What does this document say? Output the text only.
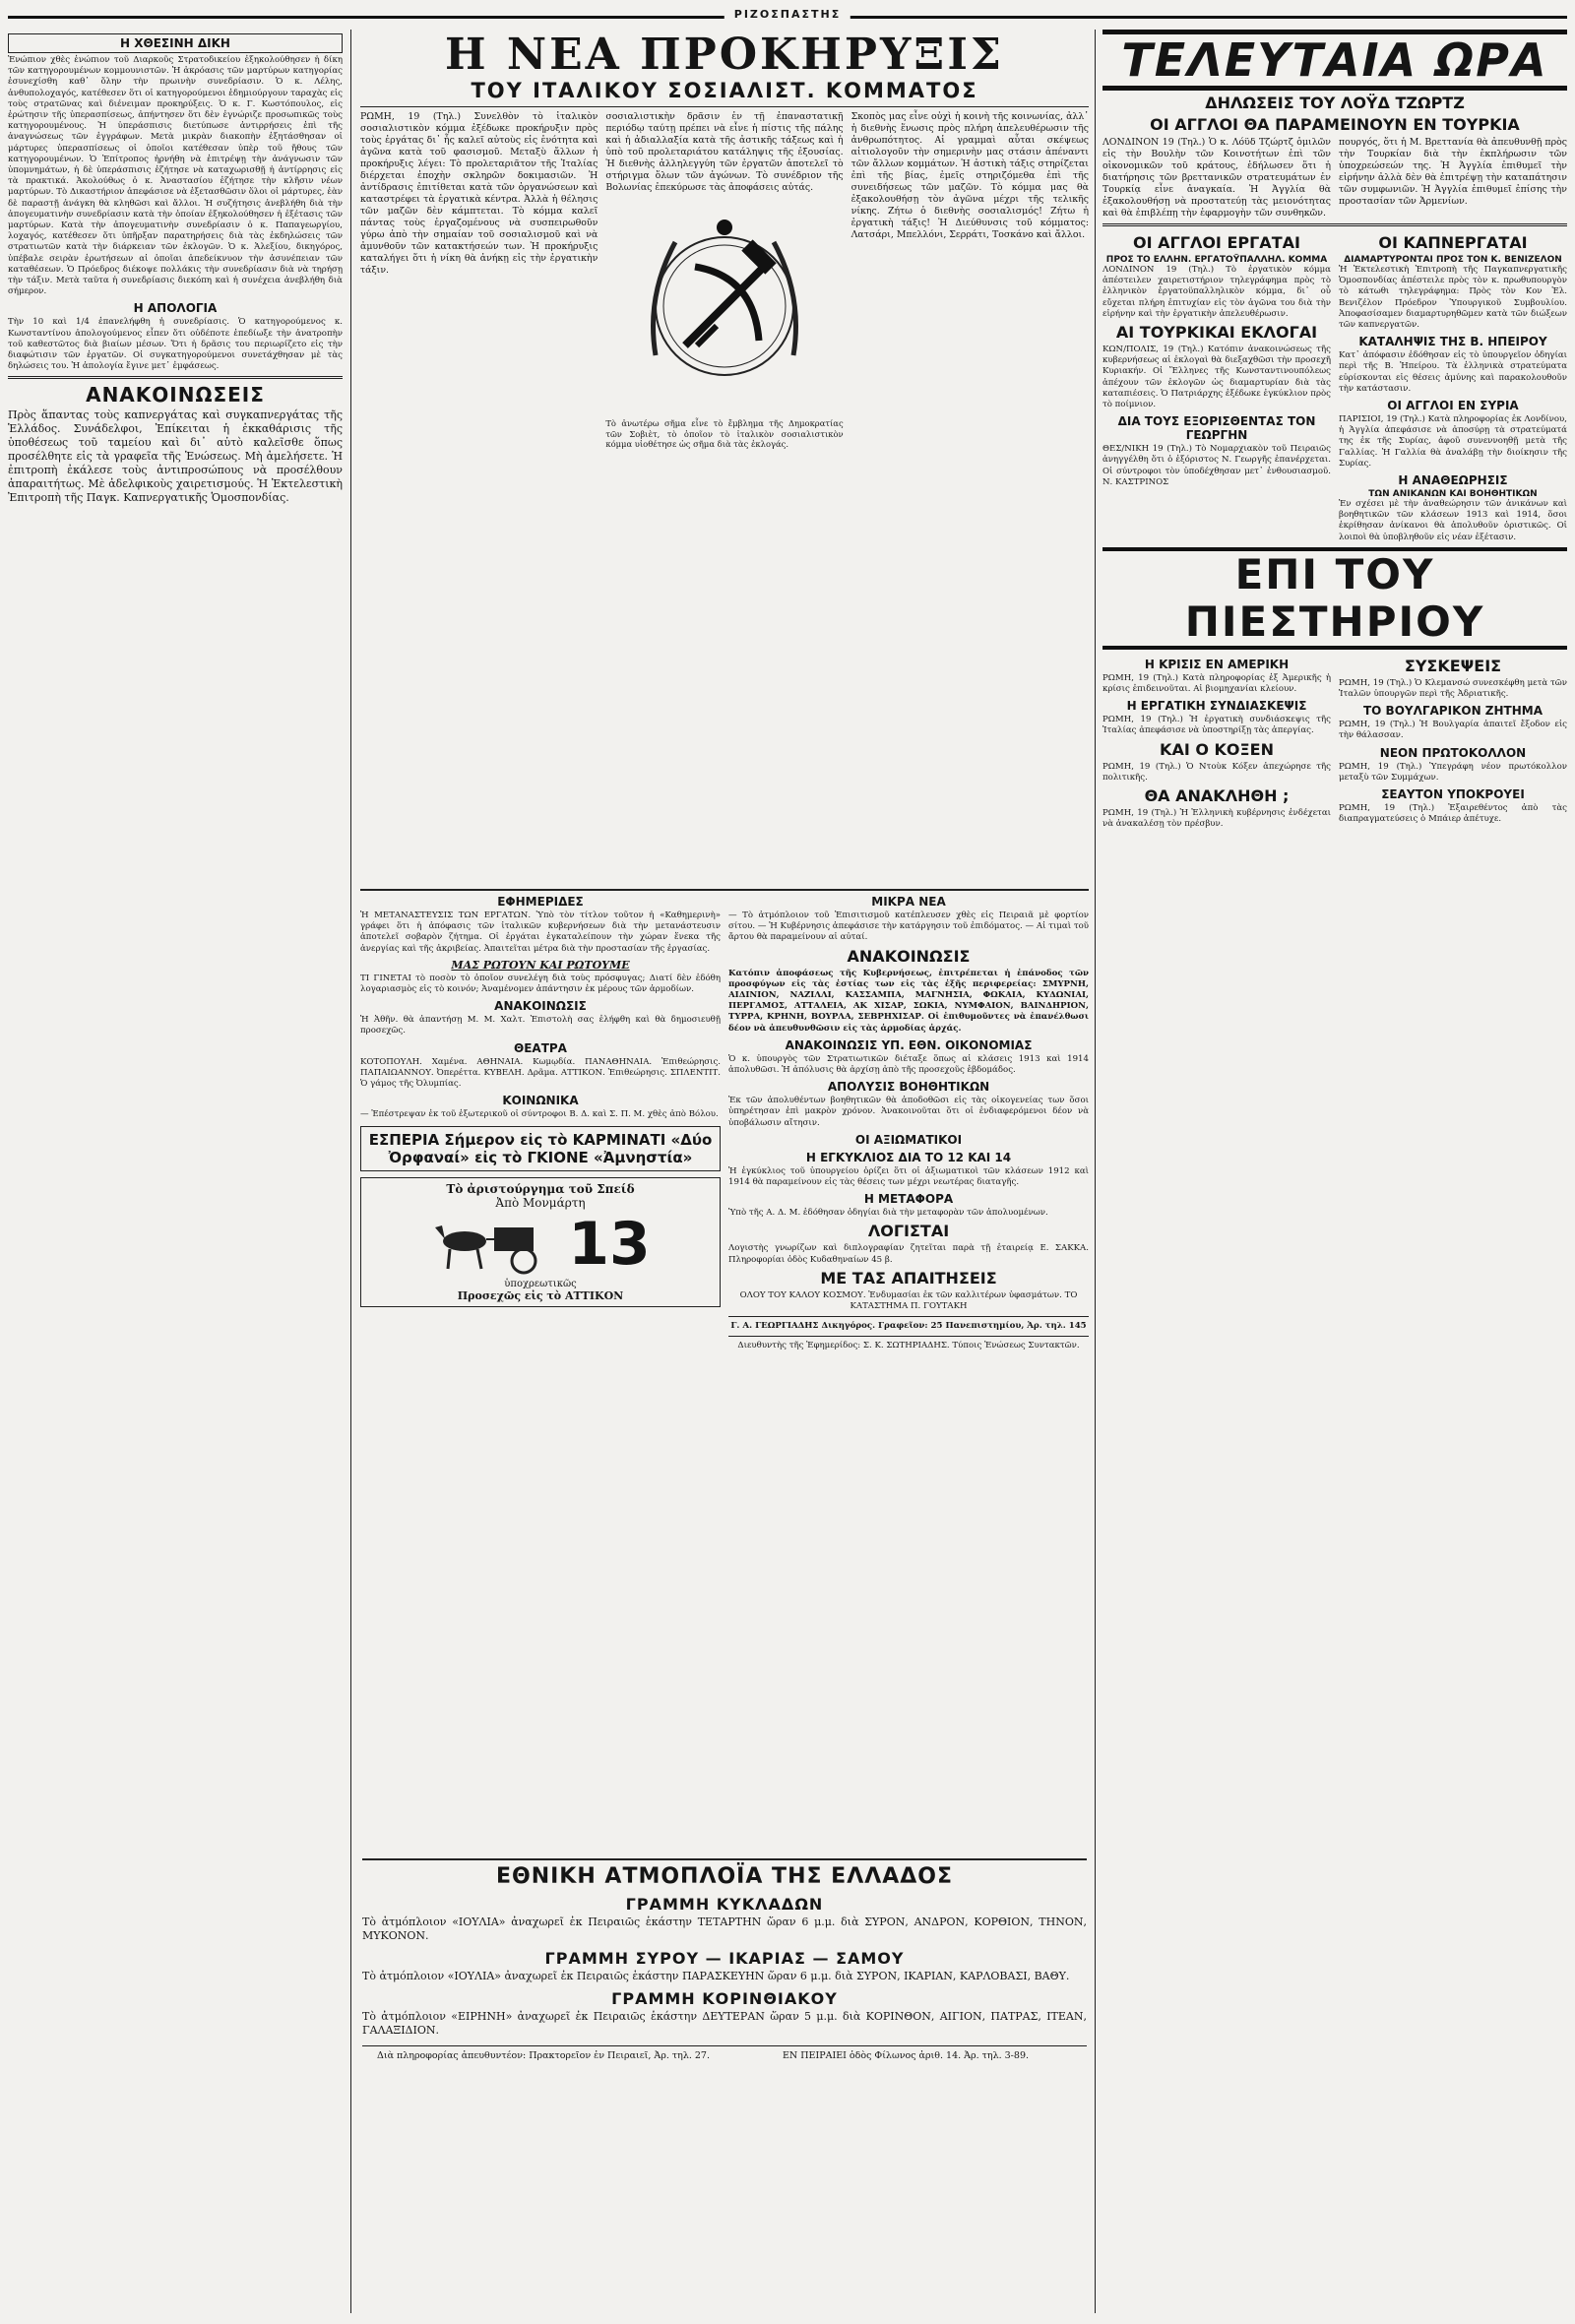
ΡΙΖΟΣΠΑΣΤΗΣ
Η ΧΘΕΣΙΝΗ ΔΙΚΗ
Ἐνώπιον χθὲς ἐνώπιον τοῦ Διαρκοῦς Στρατοδικείου ἐξηκολούθησεν ἡ δίκη τῶν κατηγορουμένων κομμουνιστῶν. Ἡ ἀκρόασις τῶν μαρτύρων κατηγορίας ἐσυνεχίσθη καθ᾽ ὅλην τὴν πρωινὴν συνεδρίασιν. Ὁ κ. Λέλης, ἀνθυπολοχαγός, κατέθεσεν ὅτι οἱ κατηγορούμενοι ἐδημιούργουν ταραχὰς εἰς τοὺς στρατῶνας καὶ διένειμαν προκηρύξεις. Ὁ κ. Γ. Κωστόπουλος, εἰς ἐρώτησιν τῆς ὑπερασπίσεως, ἀπήντησεν ὅτι δὲν ἐγνώριζε προσωπικῶς τοὺς κατηγορουμένους. Ἡ ὑπεράσπισις διετύπωσε ἀντιρρήσεις ἐπὶ τῆς ἀναγνώσεως τῶν ἐγγράφων. Μετὰ μικρὰν διακοπὴν ἐξητάσθησαν οἱ μάρτυρες ὑπερασπίσεως οἱ ὁποῖοι κατέθεσαν ὑπὲρ τοῦ ἤθους τῶν κατηγορουμένων. Ὁ Ἐπίτροπος ἠρνήθη νὰ ἐπιτρέψῃ τὴν ἀνάγνωσιν τῶν ὑπομνημάτων, ἡ δὲ ὑπεράσπισις ἐζήτησε νὰ καταχωρισθῇ ἡ ἀντίρρησις εἰς τὰ πρακτικά. Ἀκολούθως ὁ κ. Ἀναστασίου ἐζήτησε τὴν κλῆσιν νέων μαρτύρων. Τὸ Δικαστήριον ἀπεφάσισε νὰ ἐξετασθῶσιν ὅλοι οἱ μάρτυρες, ἐὰν δὲ παραστῇ ἀνάγκη θὰ κληθῶσι καὶ ἄλλοι. Ἡ συζήτησις ἀνεβλήθη διὰ τὴν ἀπογευματινὴν συνεδρίασιν κατὰ τὴν ὁποίαν ἐξηκολούθησεν ἡ ἐξέτασις τῶν μαρτύρων. Κατὰ τὴν ἀπογευματινὴν συνεδρίασιν ὁ κ. Παπαγεωργίου, λοχαγός, κατέθεσεν ὅτι ὑπῆρξαν παρατηρήσεις διὰ τὰς ἐκδηλώσεις τῶν στρατιωτῶν κατὰ τὴν διάρκειαν τῶν ἐκλογῶν. Ὁ κ. Ἀλεξίου, δικηγόρος, ὑπέβαλε σειρὰν ἐρωτήσεων αἱ ὁποῖαι ἀπεδείκνυον τὴν ἀσυνέπειαν τῶν καταθέσεων. Ὁ Πρόεδρος διέκοψε πολλάκις τὴν συνεδρίασιν διὰ νὰ τηρήσῃ τὴν τάξιν. Μετὰ ταῦτα ἡ συνεδρίασις διεκόπη καὶ ἡ συνέχεια ἀνεβλήθη διὰ σήμερον.
Η ΑΠΟΛΟΓΙΑ
Τὴν 10 καὶ 1/4 ἐπανελήφθη ἡ συνεδρίασις. Ὁ κατηγορούμενος κ. Κωνσταντίνου ἀπολογούμενος εἶπεν ὅτι οὐδέποτε ἐπεδίωξε τὴν ἀνατροπὴν τοῦ καθεστῶτος διὰ βιαίων μέσων. Ὅτι ἡ δρᾶσις του περιωρίζετο εἰς τὴν διαφώτισιν τῶν ἐργατῶν. Οἱ συγκατηγορούμενοι συνετάχθησαν μὲ τὰς δηλώσεις του. Ἡ ἀπολογία ἔγινε μετ᾽ ἐμφάσεως.
ΑΝΑΚΟΙΝΩΣΕΙΣ
Πρὸς ἅπαντας τοὺς καπνεργάτας καὶ συγκαπνεργάτας τῆς Ἑλλάδος. Συνάδελφοι, Ἐπίκειται ἡ ἐκκαθάρισις τῆς ὑποθέσεως τοῦ ταμείου καὶ δι᾽ αὐτὸ καλεῖσθε ὅπως προσέλθητε εἰς τὰ γραφεῖα τῆς Ἑνώσεως. Μὴ ἀμελήσετε. Ἡ ἐπιτροπὴ ἐκάλεσε τοὺς ἀντιπροσώπους νὰ προσέλθουν ἀπαραιτήτως. Μὲ ἀδελφικοὺς χαιρετισμούς. Ἡ Ἐκτελεστικὴ Ἐπιτροπὴ τῆς Παγκ. Καπνεργατικῆς Ὁμοσπονδίας.
Η ΝΕΑ ΠΡΟΚΗΡΥΞΙΣ
ΤΟΥ ΙΤΑΛΙΚΟΥ ΣΟΣΙΑΛΙΣΤ. ΚΟΜΜΑΤΟΣ
ΡΩΜΗ, 19 (Τηλ.) Συνελθὸν τὸ ἰταλικὸν σοσιαλιστικὸν κόμμα ἐξέδωκε προκήρυξιν πρὸς τοὺς ἐργάτας δι᾽ ἧς καλεῖ αὐτοὺς εἰς ἑνότητα καὶ ἀγῶνα κατὰ τοῦ φασισμοῦ. Μεταξὺ ἄλλων ἡ προκήρυξις λέγει: Τὸ προλεταριᾶτον τῆς Ἰταλίας διέρχεται ἐποχὴν σκληρῶν δοκιμασιῶν. Ἡ ἀντίδρασις ἐπιτίθεται κατὰ τῶν ὀργανώσεων καὶ καταστρέφει τὰ ἐργατικὰ κέντρα. Ἀλλὰ ἡ θέλησις τῶν μαζῶν δὲν κάμπτεται. Τὸ κόμμα καλεῖ πάντας τοὺς ἐργαζομένους νὰ συσπειρωθοῦν γύρω ἀπὸ τὴν σημαίαν τοῦ σοσιαλισμοῦ καὶ νὰ ἀμυνθοῦν τῶν κατακτήσεών των. Ἡ προκήρυξις καταλήγει ὅτι ἡ νίκη θὰ ἀνήκῃ εἰς τὴν ἐργατικὴν τάξιν.
σοσιαλιστικὴν δρᾶσιν ἐν τῇ ἐπαναστατικῇ περιόδῳ ταύτῃ πρέπει νὰ εἶνε ἡ πίστις τῆς πάλης καὶ ἡ ἀδιαλλαξία κατὰ τῆς ἀστικῆς τάξεως καὶ ἡ ὑπὸ τοῦ προλεταριάτου κατάληψις τῆς ἐξουσίας. Ἡ διεθνὴς ἀλληλεγγύη τῶν ἐργατῶν ἀποτελεῖ τὸ στήριγμα ὅλων τῶν ἀγώνων. Τὸ συνέδριον τῆς Βολωνίας ἐπεκύρωσε τὰς ἀποφάσεις αὐτάς.
Τὸ ἀνωτέρω σῆμα εἶνε τὸ ἔμβλημα τῆς Δημοκρατίας τῶν Σοβιὲτ, τὸ ὁποῖον τὸ ἰταλικὸν σοσιαλιστικὸν κόμμα υἱοθέτησε ὡς σῆμα διὰ τὰς ἐκλογάς.
Σκοπὸς μας εἶνε οὐχὶ ἡ κοινὴ τῆς κοινωνίας, ἀλλ᾽ ἡ διεθνὴς ἕνωσις πρὸς πλήρη ἀπελευθέρωσιν τῆς ἀνθρωπότητος. Αἱ γραμμαὶ αὗται σκέψεως αἰτιολογοῦν τὴν σημερινὴν μας στάσιν ἀπέναντι τῶν ἄλλων κομμάτων. Ἡ ἀστικὴ τάξις στηρίζεται ἐπὶ τῆς βίας, ἐμεῖς στηριζόμεθα ἐπὶ τῆς συνειδήσεως τῶν μαζῶν. Τὸ κόμμα μας θὰ ἐξακολουθήσῃ τὸν ἀγῶνα μέχρι τῆς τελικῆς νίκης. Ζήτω ὁ διεθνὴς σοσιαλισμός! Ζήτω ἡ ἐργατικὴ τάξις! Ἡ Διεύθυνσις τοῦ κόμματος: Λατσάρι, Μπελλόνι, Σερράτι, Τοσκάνο καὶ ἄλλοι.
ΕΦΗΜΕΡΙΔΕΣ
Ἡ ΜΕΤΑΝΑΣΤΕΥΣΙΣ ΤΩΝ ΕΡΓΑΤΩΝ. Ὑπὸ τὸν τίτλον τοῦτον ἡ «Καθημερινὴ» γράφει ὅτι ἡ ἀπόφασις τῶν ἰταλικῶν κυβερνήσεων διὰ τὴν μετανάστευσιν ἀποτελεῖ σοβαρὸν ζήτημα. Οἱ ἐργάται ἐγκαταλείπουν τὴν χώραν ἕνεκα τῆς ἀνεργίας καὶ τῆς ἀκριβείας. Ἀπαιτεῖται μέτρα διὰ τὴν προστασίαν τῆς ἐργασίας.
ΜΑΣ ΡΩΤΟΥΝ ΚΑΙ ΡΩΤΟΥΜΕ
ΤΙ ΓΙΝΕΤΑΙ τὸ ποσὸν τὸ ὁποῖον συνελέγη διὰ τοὺς πρόσφυγας; Διατί δὲν ἐδόθη λογαριασμὸς εἰς τὸ κοινόν; Ἀναμένομεν ἀπάντησιν ἐκ μέρους τῶν ἁρμοδίων.
ΑΝΑΚΟΙΝΩΣΙΣ
Ἡ Ἀθῆν. θὰ ἀπαντήσῃ Μ. Μ. Χαλτ. Ἐπιστολὴ σας ἐλήφθη καὶ θὰ δημοσιευθῇ προσεχῶς.
ΘΕΑΤΡΑ
ΚΟΤΟΠΟΥΛΗ. Χαμένα. ΑΘΗΝΑΙΑ. Κωμῳδία. ΠΑΝΑΘΗΝΑΙΑ. Ἐπιθεώρησις. ΠΑΠΑΙΩΑΝΝΟΥ. Ὀπερέττα. ΚΥΒΕΛΗ. Δρᾶμα. ΑΤΤΙΚΟΝ. Ἐπιθεώρησις. ΣΠΛΕΝΤΙΤ. Ὁ γάμος τῆς Ὀλυμπίας.
ΚΟΙΝΩΝΙΚΑ
— Ἐπέστρεψαν ἐκ τοῦ ἐξωτερικοῦ οἱ σύντροφοι Β. Δ. καὶ Σ. Π. Μ. χθὲς ἀπὸ Βόλου.
ΕΣΠΕΡΙΑ Σήμερον εἰς τὸ ΚΑΡΜΙΝΑΤΙ «Δύο Ὀρφαναί» εἰς τὸ ΓΚΙΟΝΕ «Ἀμνηστία»
Τὸ ἀριστούργημα τοῦ Σπείδ
Ἀπὸ Μονμάρτη
13
ὑποχρεωτικῶς
Προσεχῶς εἰς τὸ ΑΤΤΙΚΟΝ
ΜΙΚΡΑ ΝΕΑ
— Τὸ ἀτμόπλοιον τοῦ Ἐπισιτισμοῦ κατέπλευσεν χθὲς εἰς Πειραιᾶ μὲ φορτίον σίτου. — Ἡ Κυβέρνησις ἀπεφάσισε τὴν κατάργησιν τοῦ ἐπιδόματος. — Αἱ τιμαὶ τοῦ ἄρτου θὰ παραμείνουν αἱ αὐταί.
ΑΝΑΚΟΙΝΩΣΙΣ
Κατόπιν ἀποφάσεως τῆς Κυβερνήσεως, ἐπιτρέπεται ἡ ἐπάνοδος τῶν προσφύγων εἰς τὰς ἑστίας των εἰς τὰς ἑξῆς περιφερείας: ΣΜΥΡΝΗ, ΑΙΔΙΝΙΟΝ, ΝΑΖΙΛΛΙ, ΚΑΣΣΑΜΠΑ, ΜΑΓΝΗΣΙΑ, ΦΩΚΑΙΑ, ΚΥΔΩΝΙΑΙ, ΠΕΡΓΑΜΟΣ, ΑΤΤΑΛΕΙΑ, ΑΚ ΧΙΣΑΡ, ΣΩΚΙΑ, ΝΥΜΦΑΙΟΝ, ΒΑΙΝΔΗΡΙΟΝ, ΤΥΡΡΑ, ΚΡΗΝΗ, ΒΟΥΡΛΑ, ΣΕΒΡΗΧΙΣΑΡ. Οἱ ἐπιθυμοῦντες νὰ ἐπανέλθωσι δέον νὰ ἀπευθυνθῶσιν εἰς τὰς ἁρμοδίας ἀρχάς.
ΑΝΑΚΟΙΝΩΣΙΣ ΥΠ. ΕΘΝ. ΟΙΚΟΝΟΜΙΑΣ
Ὁ κ. ὑπουργὸς τῶν Στρατιωτικῶν διέταξε ὅπως αἱ κλάσεις 1913 καὶ 1914 ἀπολυθῶσι. Ἡ ἀπόλυσις θὰ ἀρχίσῃ ἀπὸ τῆς προσεχοῦς ἑβδομάδος.
ΑΠΟΛΥΣΙΣ ΒΟΗΘΗΤΙΚΩΝ
Ἐκ τῶν ἀπολυθέντων βοηθητικῶν θὰ ἀποδοθῶσι εἰς τὰς οἰκογενείας των ὅσοι ὑπηρέτησαν ἐπὶ μακρὸν χρόνον. Ἀνακοινοῦται ὅτι οἱ ἐνδιαφερόμενοι δέον νὰ ὑποβάλωσιν αἴτησιν.
ΟΙ ΑΞΙΩΜΑΤΙΚΟΙ
Η ΕΓΚΥΚΛΙΟΣ ΔΙΑ ΤΟ 12 ΚΑΙ 14
Ἡ ἐγκύκλιος τοῦ ὑπουργείου ὁρίζει ὅτι οἱ ἀξιωματικοὶ τῶν κλάσεων 1912 καὶ 1914 θὰ παραμείνουν εἰς τὰς θέσεις των μέχρι νεωτέρας διαταγῆς.
Η ΜΕΤΑΦΟΡΑ
Ὑπὸ τῆς Α. Δ. Μ. ἐδόθησαν ὁδηγίαι διὰ τὴν μεταφορὰν τῶν ἀπολυομένων.
ΛΟΓΙΣΤΑΙ
Λογιστὴς γνωρίζων καὶ διπλογραφίαν ζητεῖται παρὰ τῇ ἐταιρείᾳ Ε. ΣΑΚΚΑ. Πληροφορίαι ὁδὸς Κυδαθηναίων 45 β.
ΜΕ ΤΑΣ ΑΠΑΙΤΗΣΕΙΣ
ΟΛΟΥ ΤΟΥ ΚΑΛΟΥ ΚΟΣΜΟΥ. Ἐνδυμασίαι ἐκ τῶν καλλιτέρων ὑφασμάτων. ΤΟ ΚΑΤΑΣΤΗΜΑ Π. ΓΟΥΤΑΚΗ
Γ. Α. ΓΕΩΡΓΙΑΔΗΣ Δικηγόρος. Γραφεῖον: 25 Πανεπιστημίου, Ἀρ. τηλ. 145
Διευθυντὴς τῆς Ἐφημερίδος: Σ. Κ. ΣΩΤΗΡΙΑΔΗΣ. Τύποις Ἑνώσεως Συντακτῶν.
ΕΘΝΙΚΗ ΑΤΜΟΠΛΟΪΑ ΤΗΣ ΕΛΛΑΔΟΣ
ΓΡΑΜΜΗ ΚΥΚΛΑΔΩΝ
Τὸ ἀτμόπλοιον «ΙΟΥΛΙΑ» ἀναχωρεῖ ἐκ Πειραιῶς ἑκάστην ΤΕΤΑΡΤΗΝ ὥραν 6 μ.μ. διὰ ΣΥΡΟΝ, ΑΝΔΡΟΝ, ΚΟΡΘΙΟΝ, ΤΗΝΟΝ, ΜΥΚΟΝΟΝ.
ΓΡΑΜΜΗ ΣΥΡΟΥ — ΙΚΑΡΙΑΣ — ΣΑΜΟΥ
Τὸ ἀτμόπλοιον «ΙΟΥΛΙΑ» ἀναχωρεῖ ἐκ Πειραιῶς ἑκάστην ΠΑΡΑΣΚΕΥΗΝ ὥραν 6 μ.μ. διὰ ΣΥΡΟΝ, ΙΚΑΡΙΑΝ, ΚΑΡΛΟΒΑΣΙ, ΒΑΘΥ.
ΓΡΑΜΜΗ ΚΟΡΙΝΘΙΑΚΟΥ
Τὸ ἀτμόπλοιον «ΕΙΡΗΝΗ» ἀναχωρεῖ ἐκ Πειραιῶς ἑκάστην ΔΕΥΤΕΡΑΝ ὥραν 5 μ.μ. διὰ ΚΟΡΙΝΘΟΝ, ΑΙΓΙΟΝ, ΠΑΤΡΑΣ, ΙΤΕΑΝ, ΓΑΛΑΞΙΔΙΟΝ.
Διὰ πληροφορίας ἀπευθυντέον: Πρακτορεῖον ἐν Πειραιεῖ, Ἀρ. τηλ. 27.	ΕΝ ΠΕΙΡΑΙΕΙ ὁδὸς Φίλωνος ἀριθ. 14. Ἀρ. τηλ. 3-89.
ΤΕΛΕΥΤΑΙΑ ΩΡΑ
ΔΗΛΩΣΕΙΣ ΤΟΥ ΛΟΫΔ ΤΖΩΡΤΖ
ΟΙ ΑΓΓΛΟΙ ΘΑ ΠΑΡΑΜΕΙΝΟΥΝ ΕΝ ΤΟΥΡΚΙΑ
ΛΟΝΔΙΝΟΝ 19 (Τηλ.) Ὁ κ. Λόϋδ Τζώρτζ ὁμιλῶν εἰς τὴν Βουλὴν τῶν Κοινοτήτων ἐπὶ τῶν οἰκονομικῶν τοῦ κράτους, ἐδήλωσεν ὅτι ἡ διατήρησις τῶν βρεττανικῶν στρατευμάτων ἐν Τουρκίᾳ εἶνε ἀναγκαία. Ἡ Ἀγγλία θὰ ἐξακολουθήσῃ νὰ προστατεύῃ τὰς μειονότητας καὶ θὰ ἐπιβλέπῃ τὴν ἐφαρμογὴν τῶν συνθηκῶν.
πουργός, ὅτι ἡ Μ. Βρεττανία θὰ ἀπευθυνθῇ πρὸς τὴν Τουρκίαν διὰ τὴν ἐκπλήρωσιν τῶν ὑποχρεώσεών της. Ἡ Ἀγγλία ἐπιθυμεῖ τὴν εἰρήνην ἀλλὰ δὲν θὰ ἐπιτρέψῃ τὴν καταπάτησιν τῶν συμφωνιῶν. Ἡ Ἀγγλία ἐπιθυμεῖ ἐπίσης τὴν προστασίαν τῶν Ἀρμενίων.
ΟΙ ΑΓΓΛΟΙ ΕΡΓΑΤΑΙ
ΠΡΟΣ ΤΟ ΕΛΛΗΝ. ΕΡΓΑΤΟΫΠΑΛΛΗΛ. ΚΟΜΜΑ
ΛΟΝΔΙΝΟΝ 19 (Τηλ.) Τὸ ἐργατικὸν κόμμα ἀπέστειλεν χαιρετιστήριον τηλεγράφημα πρὸς τὸ ἑλληνικὸν ἐργατοϋπαλληλικὸν κόμμα, δι᾽ οὗ εὔχεται πλήρη ἐπιτυχίαν εἰς τὸν ἀγῶνα του διὰ τὴν εἰρήνην καὶ τὴν ἐργατικὴν ἀπελευθέρωσιν.
ΑΙ ΤΟΥΡΚΙΚΑΙ ΕΚΛΟΓΑΙ
ΚΩΝ/ΠΟΛΙΣ, 19 (Τηλ.) Κατόπιν ἀνακοινώσεως τῆς κυβερνήσεως αἱ ἐκλογαὶ θὰ διεξαχθῶσι τὴν προσεχῆ Κυριακήν. Οἱ Ἕλληνες τῆς Κωνσταντινουπόλεως ἀπέχουν τῶν ἐκλογῶν ὡς διαμαρτυρίαν διὰ τὰς καταπιέσεις. Ὁ Πατριάρχης ἐξέδωκε ἐγκύκλιον πρὸς τὸ ποίμνιον.
ΔΙΑ ΤΟΥΣ ΕΞΟΡΙΣΘΕΝΤΑΣ ΤΟΝ ΓΕΩΡΓΗΝ
ΘΕΣ/ΝΙΚΗ 19 (Τηλ.) Τὸ Νομαρχιακὸν τοῦ Πειραιῶς ἀνηγγέλθη ὅτι ὁ ἐξόριστος Ν. Γεωργῆς ἐπανέρχεται. Οἱ σύντροφοι τὸν ὑποδέχθησαν μετ᾽ ἐνθουσιασμοῦ. Ν. ΚΑΣΤΡΙΝΟΣ
ΟΙ ΚΑΠΝΕΡΓΑΤΑΙ
ΔΙΑΜΑΡΤΥΡΟΝΤΑΙ ΠΡΟΣ ΤΟΝ Κ. ΒΕΝΙΖΕΛΟΝ
Ἡ Ἐκτελεστικὴ Ἐπιτροπὴ τῆς Παγκαπνεργατικῆς Ὁμοσπονδίας ἀπέστειλε πρὸς τὸν κ. πρωθυπουργὸν τὸ κάτωθι τηλεγράφημα: Πρὸς τὸν Κον Ἐλ. Βενιζέλον Πρόεδρον Ὑπουργικοῦ Συμβουλίου. Ἀποφασίσαμεν διαμαρτυρηθῶμεν κατὰ τῶν διώξεων τῶν καπνεργατῶν.
ΚΑΤΑΛΗΨΙΣ ΤΗΣ Β. ΗΠΕΙΡΟΥ
Κατ᾽ ἀπόφασιν ἐδόθησαν εἰς τὸ ὑπουργεῖον ὁδηγίαι περὶ τῆς Β. Ἠπείρου. Τὰ ἑλληνικὰ στρατεύματα εὑρίσκονται εἰς θέσεις ἀμύνης καὶ παρακολουθοῦν τὴν κατάστασιν.
ΟΙ ΑΓΓΛΟΙ ΕΝ ΣΥΡΙΑ
ΠΑΡΙΣΙΟΙ, 19 (Τηλ.) Κατὰ πληροφορίας ἐκ Λονδίνου, ἡ Ἀγγλία ἀπεφάσισε νὰ ἀποσύρῃ τὰ στρατεύματά της ἐκ τῆς Συρίας, ἀφοῦ συνεννοηθῇ μετὰ τῆς Γαλλίας. Ἡ Γαλλία θὰ ἀναλάβῃ τὴν διοίκησιν τῆς Συρίας.
Η ΑΝΑΘΕΩΡΗΣΙΣ
ΤΩΝ ΑΝΙΚΑΝΩΝ ΚΑΙ ΒΟΗΘΗΤΙΚΩΝ
Ἐν σχέσει μὲ τὴν ἀναθεώρησιν τῶν ἀνικάνων καὶ βοηθητικῶν τῶν κλάσεων 1913 καὶ 1914, ὅσοι ἐκρίθησαν ἀνίκανοι θὰ ἀπολυθοῦν ὁριστικῶς. Οἱ λοιποὶ θὰ ὑποβληθοῦν εἰς νέαν ἐξέτασιν.
ΕΠΙ ΤΟΥ ΠΙΕΣΤΗΡΙΟΥ
Η ΚΡΙΣΙΣ ΕΝ ΑΜΕΡΙΚΗ
ΡΩΜΗ, 19 (Τηλ.) Κατὰ πληροφορίας ἐξ Ἀμερικῆς ἡ κρίσις ἐπιδεινοῦται. Αἱ βιομηχανίαι κλείουν.
Η ΕΡΓΑΤΙΚΗ ΣΥΝΔΙΑΣΚΕΨΙΣ
ΡΩΜΗ, 19 (Τηλ.) Ἡ ἐργατικὴ συνδιάσκεψις τῆς Ἰταλίας ἀπεφάσισε νὰ ὑποστηρίξῃ τὰς ἀπεργίας.
ΚΑΙ Ο ΚΟΞΕΝ
ΡΩΜΗ, 19 (Τηλ.) Ὁ Ντοὺκ Κόξεν ἀπεχώρησε τῆς πολιτικῆς.
ΘΑ ΑΝΑΚΛΗΘΗ ;
ΡΩΜΗ, 19 (Τηλ.) Ἡ Ἑλληνικὴ κυβέρνησις ἐνδέχεται νὰ ἀνακαλέσῃ τὸν πρέσβυν.
ΣΥΣΚΕΨΕΙΣ
ΡΩΜΗ, 19 (Τηλ.) Ὁ Κλεμανσώ συνεσκέφθη μετὰ τῶν Ἰταλῶν ὑπουργῶν περὶ τῆς Ἀδριατικῆς.
ΤΟ ΒΟΥΛΓΑΡΙΚΟΝ ΖΗΤΗΜΑ
ΡΩΜΗ, 19 (Τηλ.) Ἡ Βουλγαρία ἀπαιτεῖ ἔξοδον εἰς τὴν θάλασσαν.
ΝΕΟΝ ΠΡΩΤΟΚΟΛΛΟΝ
ΡΩΜΗ, 19 (Τηλ.) Ὑπεγράφη νέον πρωτόκολλον μεταξὺ τῶν Συμμάχων.
ΣΕΑΥΤΟΝ ΥΠΟΚΡΟΥΕΙ
ΡΩΜΗ, 19 (Τηλ.) Ἐξαιρεθέντος ἀπὸ τὰς διαπραγματεύσεις ὁ Μπάιερ ἀπέτυχε.
